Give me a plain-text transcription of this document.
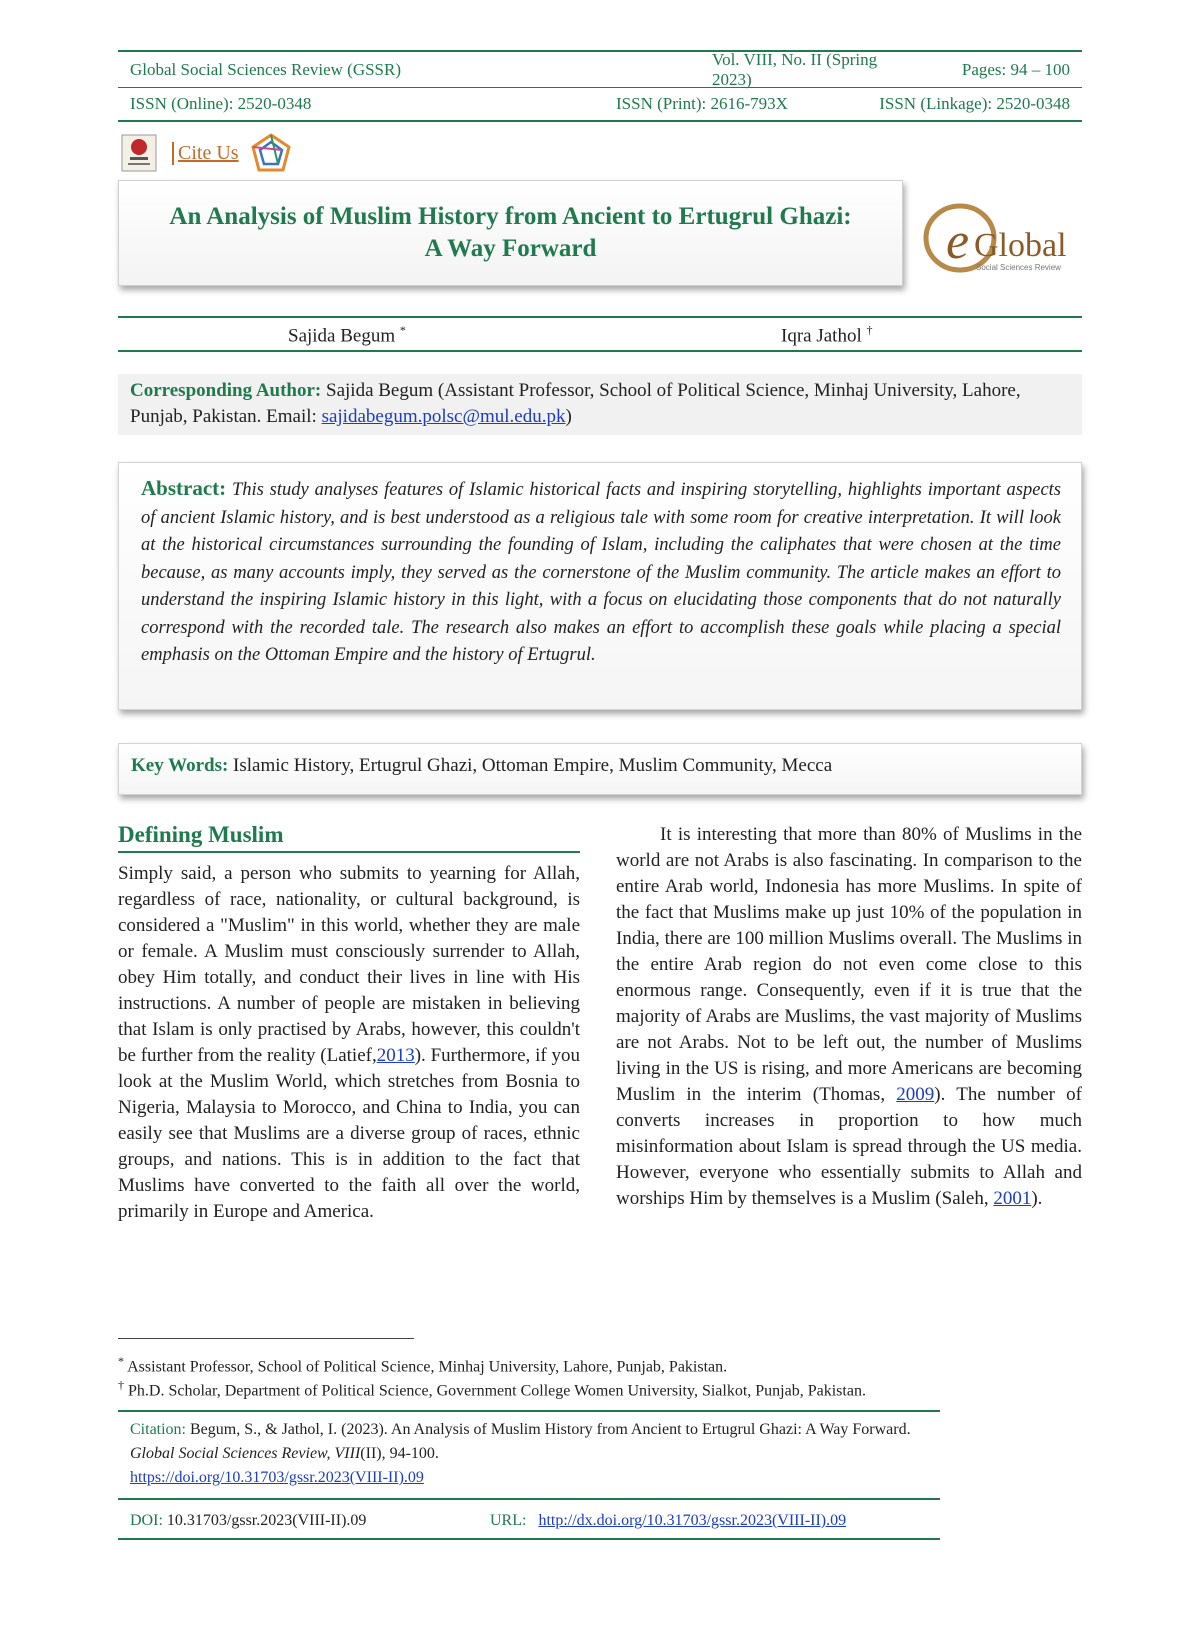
Global Social Sciences Review (GSSR)
Vol. VIII, No. II (Spring 2023)
Pages: 94 – 100
ISSN (Online): 2520-0348	ISSN (Print): 2616-793X	ISSN (Linkage): 2520-0348
Cite Us
An Analysis of Muslim History from Ancient to Ertugrul Ghazi:
A Way Forward	e Global
Social Sciences Review
Sajida Begum *	Iqra Jathol †
Corresponding Author: Sajida Begum (Assistant Professor, School of Political Science, Minhaj University, Lahore, Punjab, Pakistan. Email: sajidabegum.polsc@mul.edu.pk)
Abstract: This study analyses features of Islamic historical facts and inspiring storytelling, highlights important aspects of ancient Islamic history, and is best understood as a religious tale with some room for creative interpretation. It will look at the historical circumstances surrounding the founding of Islam, including the caliphates that were chosen at the time because, as many accounts imply, they served as the cornerstone of the Muslim community. The article makes an effort to understand the inspiring Islamic history in this light, with a focus on elucidating those components that do not naturally correspond with the recorded tale. The research also makes an effort to accomplish these goals while placing a special emphasis on the Ottoman Empire and the history of Ertugrul.
Key Words: Islamic History, Ertugrul Ghazi, Ottoman Empire, Muslim Community, Mecca
Defining Muslim

Simply said, a person who submits to yearning for Allah, regardless of race, nationality, or cultural background, is considered a "Muslim" in this world, whether they are male or female. A Muslim must consciously surrender to Allah, obey Him totally, and conduct their lives in line with His instructions. A number of people are mistaken in believing that Islam is only practised by Arabs, however, this couldn't be further from the reality (Latief,2013). Furthermore, if you look at the Muslim World, which stretches from Bosnia to Nigeria, Malaysia to Morocco, and China to India, you can easily see that Muslims are a diverse group of races, ethnic groups, and nations. This is in addition to the fact that Muslims have converted to the faith all over the world, primarily in Europe and America.

It is interesting that more than 80% of Muslims in the world are not Arabs is also fascinating. In comparison to the entire Arab world, Indonesia has more Muslims. In spite of the fact that Muslims make up just 10% of the population in India, there are 100 million Muslims overall. The Muslims in the entire Arab region do not even come close to this enormous range. Consequently, even if it is true that the majority of Arabs are Muslims, the vast majority of Muslims are not Arabs. Not to be left out, the number of Muslims living in the US is rising, and more Americans are becoming Muslim in the interim (Thomas, 2009). The number of converts increases in proportion to how much misinformation about Islam is spread through the US media. However, everyone who essentially submits to Allah and worships Him by themselves is a Muslim (Saleh, 2001).

* Assistant Professor, School of Political Science, Minhaj University, Lahore, Punjab, Pakistan.
† Ph.D. Scholar, Department of Political Science, Government College Women University, Sialkot, Punjab, Pakistan.
Citation: Begum, S., & Jathol, I. (2023). An Analysis of Muslim History from Ancient to Ertugrul Ghazi: A Way Forward. Global Social Sciences Review, VIII(II), 94-100.
https://doi.org/10.31703/gssr.2023(VIII-II).09
DOI: 10.31703/gssr.2023(VIII-II).09	URL: http://dx.doi.org/10.31703/gssr.2023(VIII-II).09
